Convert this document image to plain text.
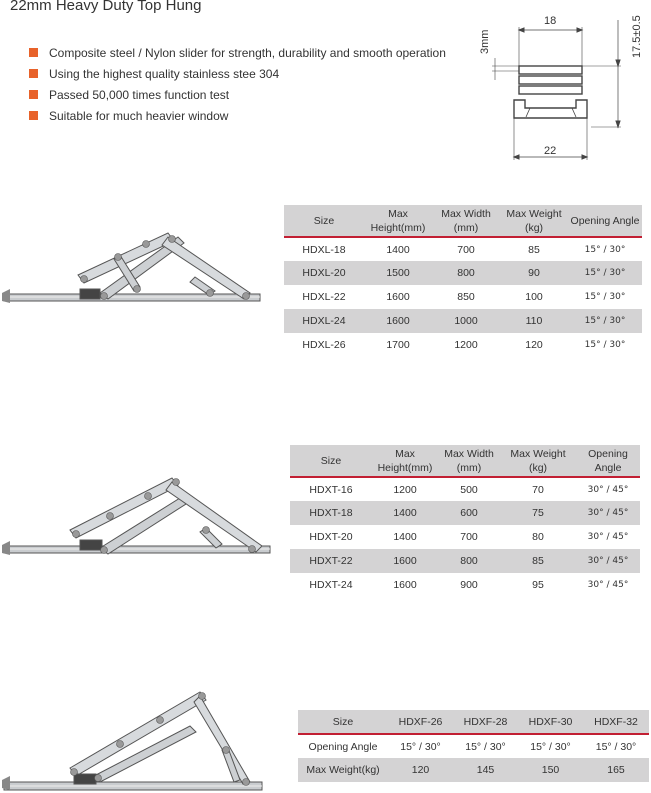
22mm Heavy Duty Top Hung
Composite steel / Nylon slider for strength, durability and smooth operation
Using the highest quality stainless stee 304
Passed 50,000 times function test
Suitable for much heavier window
18
22
3mm	17.5±0.5
Size	Max Height(mm)	Max Width (mm)	Max Weight (kg)	Opening Angle
HDXL-18	1400	700	85	15° / 30°
HDXL-20	1500	800	90	15° / 30°
HDXL-22	1600	850	100	15° / 30°
HDXL-24	1600	1000	110	15° / 30°
HDXL-26	1700	1200	120	15° / 30°
Size	Max Height(mm)	Max Width (mm)	Max Weight (kg)	Opening Angle
HDXT-16	1200	500	70	30° / 45°
HDXT-18	1400	600	75	30° / 45°
HDXT-20	1400	700	80	30° / 45°
HDXT-22	1600	800	85	30° / 45°
HDXT-24	1600	900	95	30° / 45°
Size	HDXF-26	HDXF-28	HDXF-30	HDXF-32
Opening Angle	15° / 30°	15° / 30°	15° / 30°	15° / 30°
Max Weight(kg)	120	145	150	165
